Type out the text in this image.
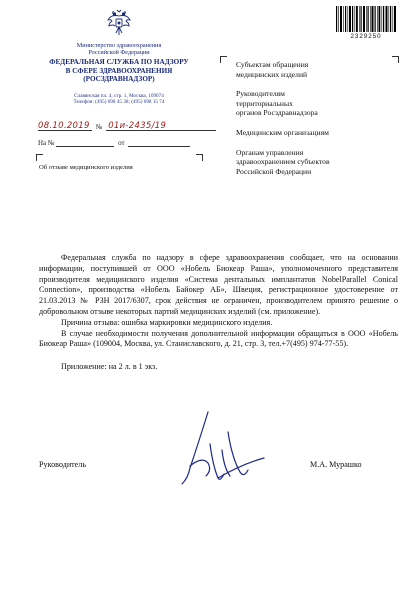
Министерство здравоохранения
Российской Федерации
ФЕДЕРАЛЬНАЯ СЛУЖБА ПО НАДЗОРУ
В СФЕРЕ ЗДРАВООХРАНЕНИЯ
(РОСЗДРАВНАДЗОР)
Славянская пл. 4, стр. 1, Москва, 109074
Телефон: (495) 698 45 38; (495) 698 15 74
2329250
08.10.2019 № 01и-2435/19
На №	от
Об отзыве медицинского изделия

Субъектам обращения
медицинских изделий

Руководителям
территориальных
органов Росздравнадзора

Медицинским организациям

Органам управления
здравоохранением субъектов
Российской Федерации

Федеральная служба по надзору в сфере здравоохранения сообщает, что на основании информации, поступившей от ООО «Нобель Биокеар Раша», уполномоченного представителя производителя медицинского изделия «Система дентальных имплантатов NobelParallel Conical Connection», производства «Нобель Байокер АБ», Швеция, регистрационное удостоверение от 21.03.2013 № РЗН 2017/6307, срок действия не ограничен, производителем принято решение о добровольном отзыве некоторых партий медицинских изделий (см. приложение).

Причина отзыва: ошибка маркировки медицинского изделия.

В случае необходимости получения дополнительной информации обращаться в ООО «Нобель Биокеар Раша» (109004, Москва, ул. Станиславского, д. 21, стр. 3, тел.+7(495) 974-77-55).

Приложение: на 2 л. в 1 экз.

Руководитель	М.А. Мурашко
